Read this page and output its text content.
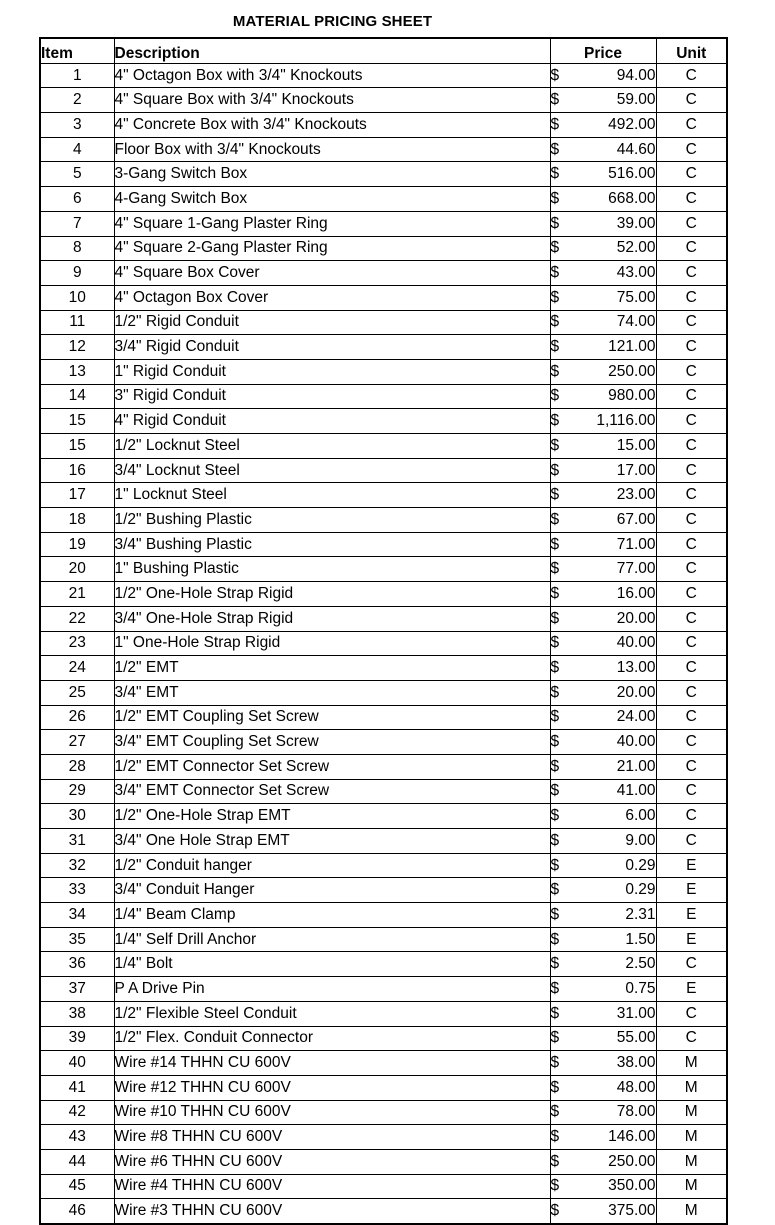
MATERIAL PRICING SHEET
Item	Description	Price		Unit
1	4" Octagon Box with 3/4" Knockouts	$	94.00	C
2	4" Square Box with 3/4" Knockouts	$	59.00	C
3	4" Concrete Box with 3/4" Knockouts	$	492.00	C
4	Floor Box with 3/4" Knockouts	$	44.60	C
5	3-Gang Switch Box	$	516.00	C
6	4-Gang Switch Box	$	668.00	C
7	4" Square 1-Gang Plaster Ring	$	39.00	C
8	4" Square 2-Gang Plaster Ring	$	52.00	C
9	4" Square Box Cover	$	43.00	C
10	4" Octagon Box Cover	$	75.00	C
11	1/2" Rigid Conduit	$	74.00	C
12	3/4" Rigid Conduit	$	121.00	C
13	1" Rigid Conduit	$	250.00	C
14	3" Rigid Conduit	$	980.00	C
15	4" Rigid Conduit	$	1,116.00	C
15	1/2" Locknut Steel	$	15.00	C
16	3/4" Locknut Steel	$	17.00	C
17	1" Locknut Steel	$	23.00	C
18	1/2" Bushing Plastic	$	67.00	C
19	3/4" Bushing Plastic	$	71.00	C
20	1" Bushing Plastic	$	77.00	C
21	1/2" One-Hole Strap Rigid	$	16.00	C
22	3/4" One-Hole Strap Rigid	$	20.00	C
23	1" One-Hole Strap Rigid	$	40.00	C
24	1/2" EMT	$	13.00	C
25	3/4" EMT	$	20.00	C
26	1/2" EMT Coupling Set Screw	$	24.00	C
27	3/4" EMT Coupling Set Screw	$	40.00	C
28	1/2" EMT Connector Set Screw	$	21.00	C
29	3/4" EMT Connector Set Screw	$	41.00	C
30	1/2" One-Hole Strap EMT	$	6.00	C
31	3/4" One Hole Strap EMT	$	9.00	C
32	1/2" Conduit hanger	$	0.29	E
33	3/4" Conduit Hanger	$	0.29	E
34	1/4" Beam Clamp	$	2.31	E
35	1/4" Self Drill Anchor	$	1.50	E
36	1/4" Bolt	$	2.50	C
37	P A Drive Pin	$	0.75	E
38	1/2" Flexible Steel Conduit	$	31.00	C
39	1/2" Flex. Conduit Connector	$	55.00	C
40	Wire #14 THHN CU 600V	$	38.00	M
41	Wire #12 THHN CU 600V	$	48.00	M
42	Wire #10 THHN CU 600V	$	78.00	M
43	Wire #8 THHN CU 600V	$	146.00	M
44	Wire #6 THHN CU 600V	$	250.00	M
45	Wire #4 THHN CU 600V	$	350.00	M
46	Wire #3 THHN CU 600V	$	375.00	M
